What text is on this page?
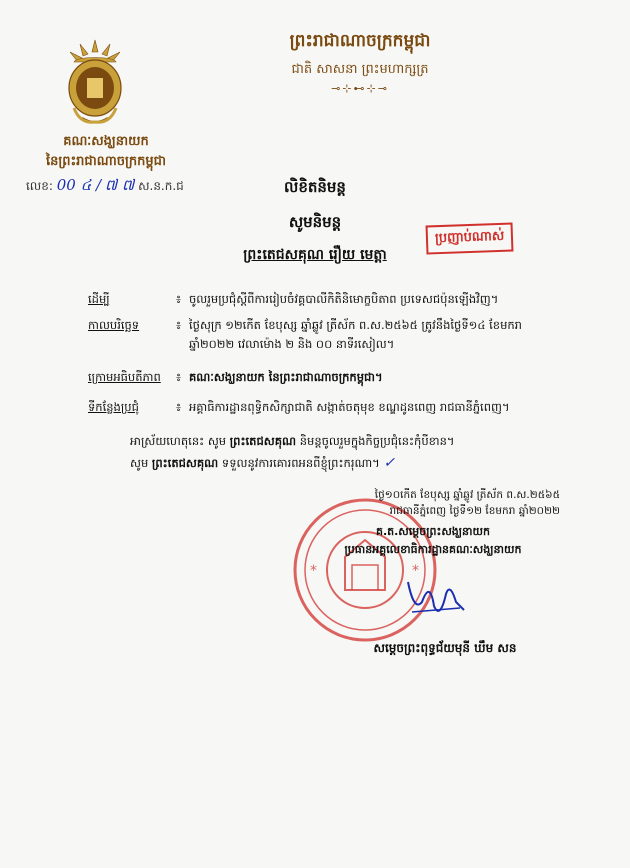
គណៈសង្ឃនាយក
នៃព្រះរាជាណាចក្រកម្ពុជា
លេខ: 00 ៤ / ៧ ៧ ស.ន.ក.ជ
ព្រះរាជាណាចក្រកម្ពុជា
ជាតិ សាសនា ព្រះមហាក្សត្រ
⊸⊹⊷⊹⊸
លិខិតនិមន្ត
សូមនិមន្ត
ប្រញាប់ណាស់
ព្រះតេជសគុណ រឿយ មេត្តា
ដើម្បី	៖ ចូលរួមប្រជុំស្តីពីការរៀបចំវគ្គបាលីកិតិនិមោក្ខបិតាព ប្រទេសជប៉ុនឡើងវិញ។
កាលបរិច្ឆេទ	៖ ថ្ងៃសុក្រ ១២កើត ខែបុស្ស ឆ្នាំឆ្លូវ ត្រីស័ក ព.ស.២៥៦៥ ត្រូវនឹងថ្ងៃទី១៤ ខែមករា ឆ្នាំ២០២២ វេលាម៉ោង ២ និង ០០ នាទីរសៀល។
ក្រោមអធិបតីភាព	៖ គណៈសង្ឃនាយក នៃព្រះរាជាណាចក្រកម្ពុជា។
ទីកន្លែងប្រជុំ	៖ អគ្គាធិការដ្ឋានពុទ្ធិកសិក្សាជាតិ សង្កាត់ចតុមុខ ខណ្ឌដូនពេញ រាជធានីភ្នំពេញ។
អាស្រ័យហេតុនេះ សូម ព្រះតេជសគុណ និមន្តចូលរួមក្នុងកិច្ចប្រជុំនេះកុំបីខាន។
សូម ព្រះតេជសគុណ ទទួលនូវការគោរពអនពីខ្ញុំព្រះករុណា។ ✓
*	*
ថ្ងៃ១០កើត ខែបុស្ស ឆ្នាំឆ្លូវ ត្រីស័ក ព.ស.២៥៦៥
រាជធានីភ្នំពេញ ថ្ងៃទី១២ ខែមករា ឆ្នាំ២០២២
គ.ត.សម្ដេចព្រះសង្ឃនាយក
ប្រធានអគ្គលេខាធិការដ្ឋានគណៈសង្ឃនាយក
សម្តេចព្រះពុទ្ធជ័យមុនី ឃឹម សន
